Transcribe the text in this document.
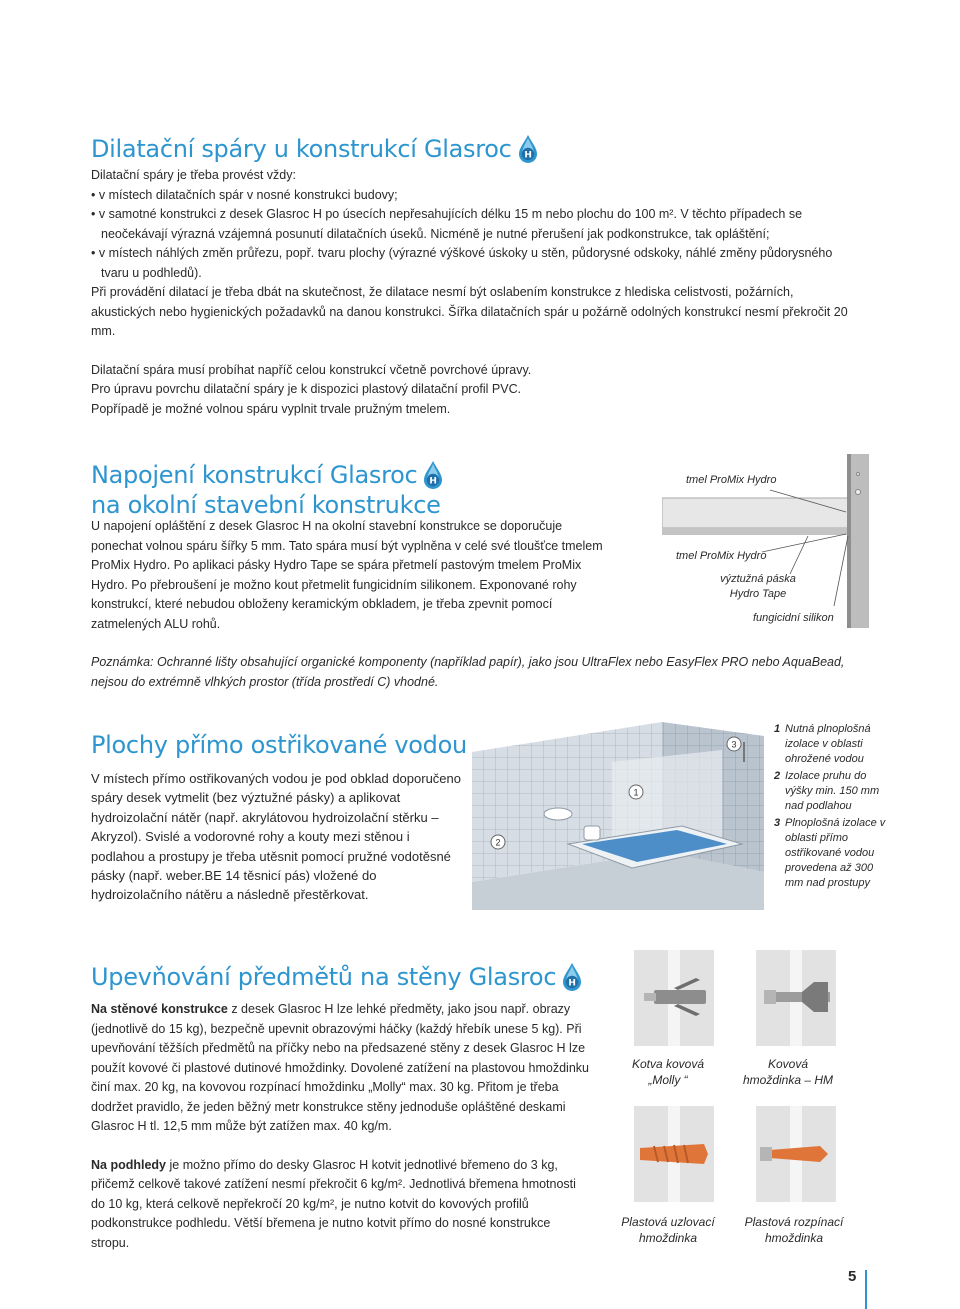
Dilatační spáry u konstrukcí Glasroc

Dilatační spáry je třeba provést vždy:

• v místech dilatačních spár v nosné konstrukci budovy;

• v samotné konstrukci z desek Glasroc H po úsecích nepřesahujících délku 15 m nebo plochu do 100 m². V těchto případech se neočekávají výrazná vzájemná posunutí dilatačních úseků. Nicméně je nutné přerušení jak podkonstrukce, tak opláštění;

• v místech náhlých změn průřezu, popř. tvaru plochy (výrazné výškové úskoky u stěn, půdorysné odskoky, náhlé změny půdorysného tvaru u podhledů).

Při provádění dilatací je třeba dbát na skutečnost, že dilatace nesmí být oslabením konstrukce z hlediska celistvosti, požárních, akustických nebo hygienických požadavků na danou konstrukci. Šířka dilatačních spár u požárně odolných konstrukcí nesmí překročit 20 mm.

Dilatační spára musí probíhat napříč celou konstrukcí včetně povrchové úpravy.

Pro úpravu povrchu dilatační spáry je k dispozici plastový dilatační profil PVC.

Popřípadě je možné volnou spáru vyplnit trvale pružným tmelem.

Napojení konstrukcí Glasroc
na okolní stavební konstrukce

U napojení opláštění z desek Glasroc H na okolní stavební konstrukce se doporučuje ponechat volnou spáru šířky 5 mm. Tato spára musí být vyplněna v celé své tloušťce tmelem ProMix Hydro. Po aplikaci pásky Hydro Tape se spára přetmelí pastovým tmelem ProMix Hydro. Po přebroušení je možno kout přetmelit fungicidním silikonem. Exponované rohy konstrukcí, které nebudou obloženy keramickým obkladem, je třeba zpevnit pomocí zatmelených ALU rohů.

tmel ProMix Hydro
tmel ProMix Hydro
výztužná páska
Hydro Tape
fungicidní silikon

Poznámka: Ochranné lišty obsahující organické komponenty (například papír), jako jsou UltraFlex nebo EasyFlex PRO nebo AquaBead, nejsou do extrémně vlhkých prostor (třída prostředí C) vhodné.

Plochy přímo ostřikované vodou

V místech přímo ostřikovaných vodou je pod obklad doporučeno spáry desek vytmelit (bez výztužné pásky) a aplikovat hydroizolační nátěr (např. akrylátovou hydroizolační stěrku – Akryzol). Svislé a vodorovné rohy a kouty mezi stěnou i podlahou a prostupy je třeba utěsnit pomocí pružné vodotěsné pásky (např. weber.BE 14 těsnicí pás) vložené do hydroizolačního nátěru a následně přestěrkovat.

1
2
3
1 Nutná plnoplošná izolace v oblasti ohrožené vodou
2 Izolace pruhu do výšky min. 150 mm nad podlahou
3 Plnoplošná izolace v oblasti přímo ostřikované vodou provedena až 300 mm nad prostupy
Upevňování předmětů na stěny Glasroc

Na stěnové konstrukce z desek Glasroc H lze lehké předměty, jako jsou např. obrazy (jednotlivě do 15 kg), bezpečně upevnit obrazovými háčky (každý hřebík unese 5 kg). Při upevňování těžších předmětů na příčky nebo na předsazené stěny z desek Glasroc H lze použít kovové či plastové dutinové hmoždinky. Dovolené zatížení na plastovou hmoždinku činí max. 20 kg, na kovovou rozpínací hmoždinku „Molly“ max. 30 kg. Přitom je třeba dodržet pravidlo, že jeden běžný metr konstrukce stěny jednoduše opláštěné deskami Glasroc H tl. 12,5 mm může být zatížen max. 40 kg/m.

Na podhledy je možno přímo do desky Glasroc H kotvit jednotlivé břemeno do 3 kg, přičemž celkově takové zatížení nesmí překročit 6 kg/m². Jednotlivá břemena hmotnosti do 10 kg, která celkově nepřekročí 20 kg/m², je nutno kotvit do kovových profilů podkonstrukce podhledu. Větší břemena je nutno kotvit přímo do nosné konstrukce stropu.

Kotva kovová
„Molly “
Kovová
hmoždinka – HM
Plastová uzlovací
hmoždinka
Plastová rozpínací
hmoždinka
5
